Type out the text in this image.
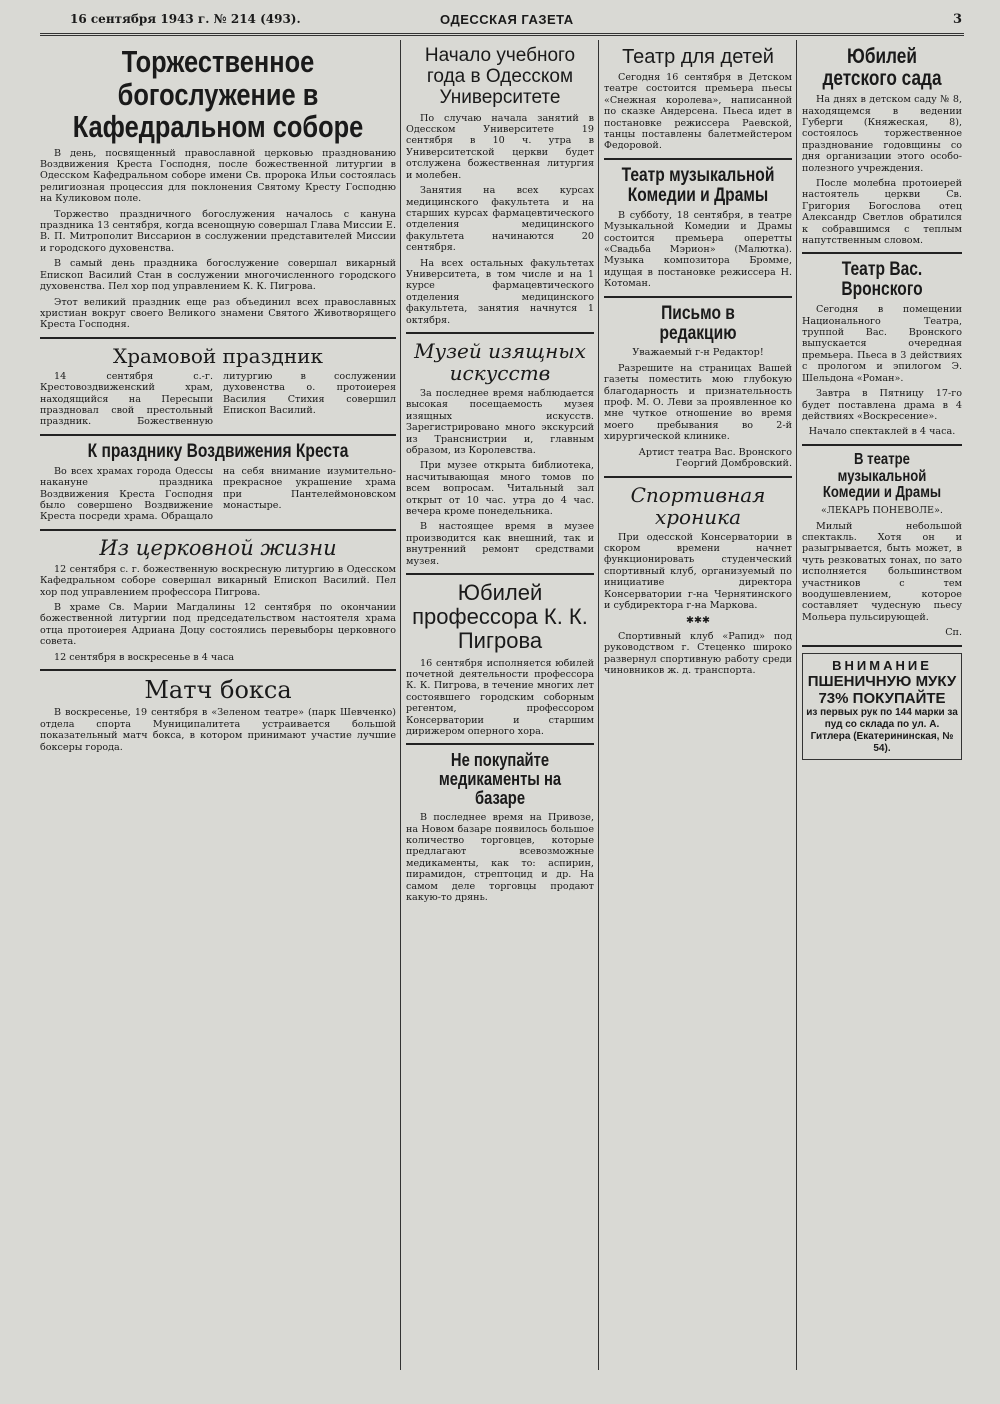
16 сентября 1943 г. № 214 (493).	ОДЕССКАЯ ГАЗЕТА	3
Торжественное богослужение в Кафедральном соборе

В день, посвященный православной церковью празднованию Воздвижения Креста Господня, после божественной литургии в Одесском Кафедральном соборе имени Св. пророка Ильи состоялась религиозная процессия для поклонения Святому Кресту Господню на Куликовом поле.

Торжество праздничного богослужения началось с кануна праздника 13 сентября, когда всенощную совершал Глава Миссии Е. В. П. Митрополит Виссарион в сослужении представителей Миссии и городского духовенства.

В самый день праздника богослужение совершал викарный Епископ Василий Стан в сослужении многочисленного городского духовенства. Пел хор под управлением К. К. Пигрова.

Этот великий праздник еще раз объединил всех православных христиан вокруг своего Великого знамени Святого Животворящего Креста Господня.

Храмовой праздник

14 сентября с.-г. Крестовоздвиженский храм, находящийся на Пересыпи праздновал свой престольный праздник. Божественную литургию в сослужении духовенства о. протоиерея Василия Стихия совершил Епископ Василий.

К празднику Воздвижения Креста

Во всех храмах города Одессы накануне праздника Воздвижения Креста Господня было совершено Воздвижение Креста посреди храма. Обращало на себя внимание изумительно-прекрасное украшение храма при Пантелеймоновском монастыре.

Из церковной жизни

12 сентября с. г. божественную воскресную литургию в Одесском Кафедральном соборе совершал викарный Епископ Василий. Пел хор под управлением профессора Пигрова.

В храме Св. Марии Магдалины 12 сентября по окончании божественной литургии под председательством настоятеля храма отца протоиерея Адриана Доцу состоялись перевыборы церковного совета.

12 сентября в воскресенье в 4 часа

Матч бокса

В воскресенье, 19 сентября в «Зеленом театре» (парк Шевченко) отдела спорта Муниципалитета устраивается большой показательный матч бокса, в котором принимают участие лучшие боксеры города.

Начало учебного года в Одесском Университете

По случаю начала занятий в Одесском Университете 19 сентября в 10 ч. утра в Университетской церкви будет отслужена божественная литургия и молебен.

Занятия на всех курсах медицинского факультета и на старших курсах фармацевтического отделения медицинского факультета начинаются 20 сентября.

На всех остальных факультетах Университета, в том числе и на 1 курсе фармацевтического отделения медицинского факультета, занятия начнутся 1 октября.

Музей изящных искусств

За последнее время наблюдается высокая посещаемость музея изящных искусств. Зарегистрировано много экскурсий из Транснистрии и, главным образом, из Королевства.

При музее открыта библиотека, насчитывающая много томов по всем вопросам. Читальный зал открыт от 10 час. утра до 4 час. вечера кроме понедельника.

В настоящее время в музее производится как внешний, так и внутренний ремонт средствами музея.

Юбилей профессора К. К. Пигрова

16 сентября исполняется юбилей почетной деятельности профессора К. К. Пигрова, в течение многих лет состоявшего городским соборным регентом, профессором Консерватории и старшим дирижером оперного хора.

Не покупайте медикаменты на базаре

В последнее время на Привозе, на Новом базаре появилось большое количество торговцев, которые предлагают всевозможные медикаменты, как то: аспирин, пирамидон, стрептоцид и др. На самом деле торговцы продают какую-то дрянь.

Театр для детей

Сегодня 16 сентября в Детском театре состоится премьера пьесы «Снежная королева», написанной по сказке Андерсена. Пьеса идет в постановке режиссера Раевской, танцы поставлены балетмейстером Федоровой.

Театр музыкальной Комедии и Драмы

В субботу, 18 сентября, в театре Музыкальной Комедии и Драмы состоится премьера оперетты «Свадьба Мэрион» (Малютка). Музыка композитора Бромме, идущая в постановке режиссера Н. Котоман.

Письмо в редакцию

Уважаемый г-н Редактор!

Разрешите на страницах Вашей газеты поместить мою глубокую благодарность и признательность проф. М. О. Леви за проявленное ко мне чуткое отношение во время моего пребывания во 2-й хирургической клинике.

Артист театра Вас. Вронского Георгий Домбровский.

Спортивная хроника

При одесской Консерватории в скором времени начнет функционировать студенческий спортивный клуб, организуемый по инициативе директора Консерватории г-на Чернятинского и субдиректора г-на Маркова.

✱✱✱

Спортивный клуб «Рапид» под руководством г. Стеценко широко развернул спортивную работу среди чиновников ж. д. транспорта.

Юбилей детского сада

На днях в детском саду № 8, находящемся в ведении Губерги (Княжеская, 8), состоялось торжественное празднование годовщины со дня организации этого особо-полезного учреждения.

После молебна протоиерей настоятель церкви Св. Григория Богослова отец Александр Светлов обратился к собравшимся с теплым напутственным словом.

Театр Вас. Вронского

Сегодня в помещении Национального Театра, труппой Вас. Вронского выпускается очередная премьера. Пьеса в 3 действиях с прологом и эпилогом Э. Шельдона «Роман».

Завтра в Пятницу 17-го будет поставлена драма в 4 действиях «Воскресение».

Начало спектаклей в 4 часа.

В театре музыкальной Комедии и Драмы
«ЛЕКАРЬ ПОНЕВОЛЕ».

Милый небольшой спектакль. Хотя он и разыгрывается, быть может, в чуть резковатых тонах, по зато исполняется большинством участников с тем воодушевлением, которое составляет чудесную пьесу Мольера пульсирующей.

Сп.

ВНИМАНИЕ
ПШЕНИЧНУЮ МУКУ
73% ПОКУПАЙТЕ
из первых рук по 144 марки за пуд со склада по ул. А. Гитлера (Екатерининская, № 54).
